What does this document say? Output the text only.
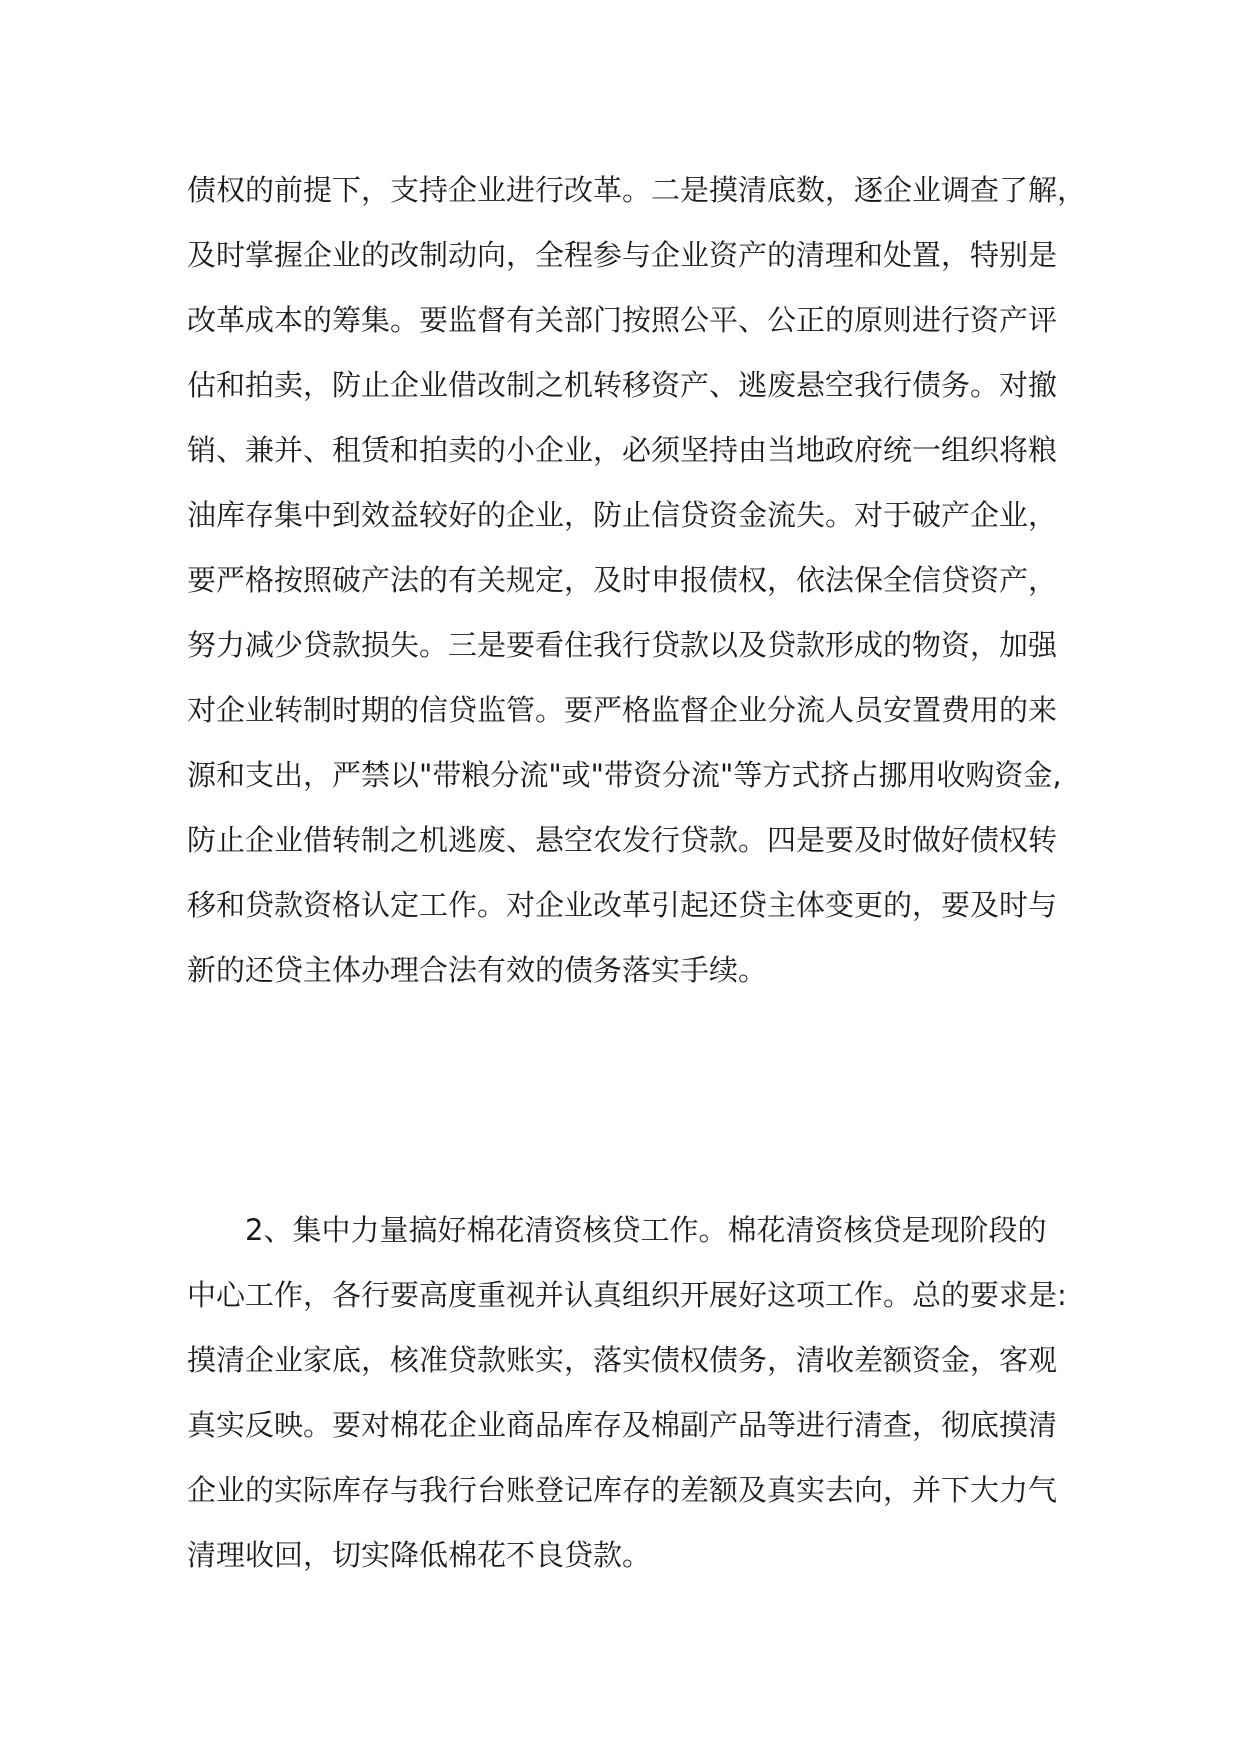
债权的前提下，支持企业进行改革。二是摸清底数，逐企业调查了解，
及时掌握企业的改制动向，全程参与企业资产的清理和处置，特别是
改革成本的筹集。要监督有关部门按照公平、公正的原则进行资产评
估和拍卖，防止企业借改制之机转移资产、逃废悬空我行债务。对撤
销、兼并、租赁和拍卖的小企业，必须坚持由当地政府统一组织将粮
油库存集中到效益较好的企业，防止信贷资金流失。对于破产企业，
要严格按照破产法的有关规定，及时申报债权，依法保全信贷资产，
努力减少贷款损失。三是要看住我行贷款以及贷款形成的物资，加强
对企业转制时期的信贷监管。要严格监督企业分流人员安置费用的来
源和支出，严禁以"带粮分流"或"带资分流"等方式挤占挪用收购资金,
防止企业借转制之机逃废、悬空农发行贷款。四是要及时做好债权转
移和贷款资格认定工作。对企业改革引起还贷主体变更的，要及时与
新的还贷主体办理合法有效的债务落实手续。
2、集中力量搞好棉花清资核贷工作。棉花清资核贷是现阶段的
中心工作，各行要高度重视并认真组织开展好这项工作。总的要求是:
摸清企业家底，核准贷款账实，落实债权债务，清收差额资金，客观
真实反映。要对棉花企业商品库存及棉副产品等进行清查，彻底摸清
企业的实际库存与我行台账登记库存的差额及真实去向，并下大力气
清理收回，切实降低棉花不良贷款。
